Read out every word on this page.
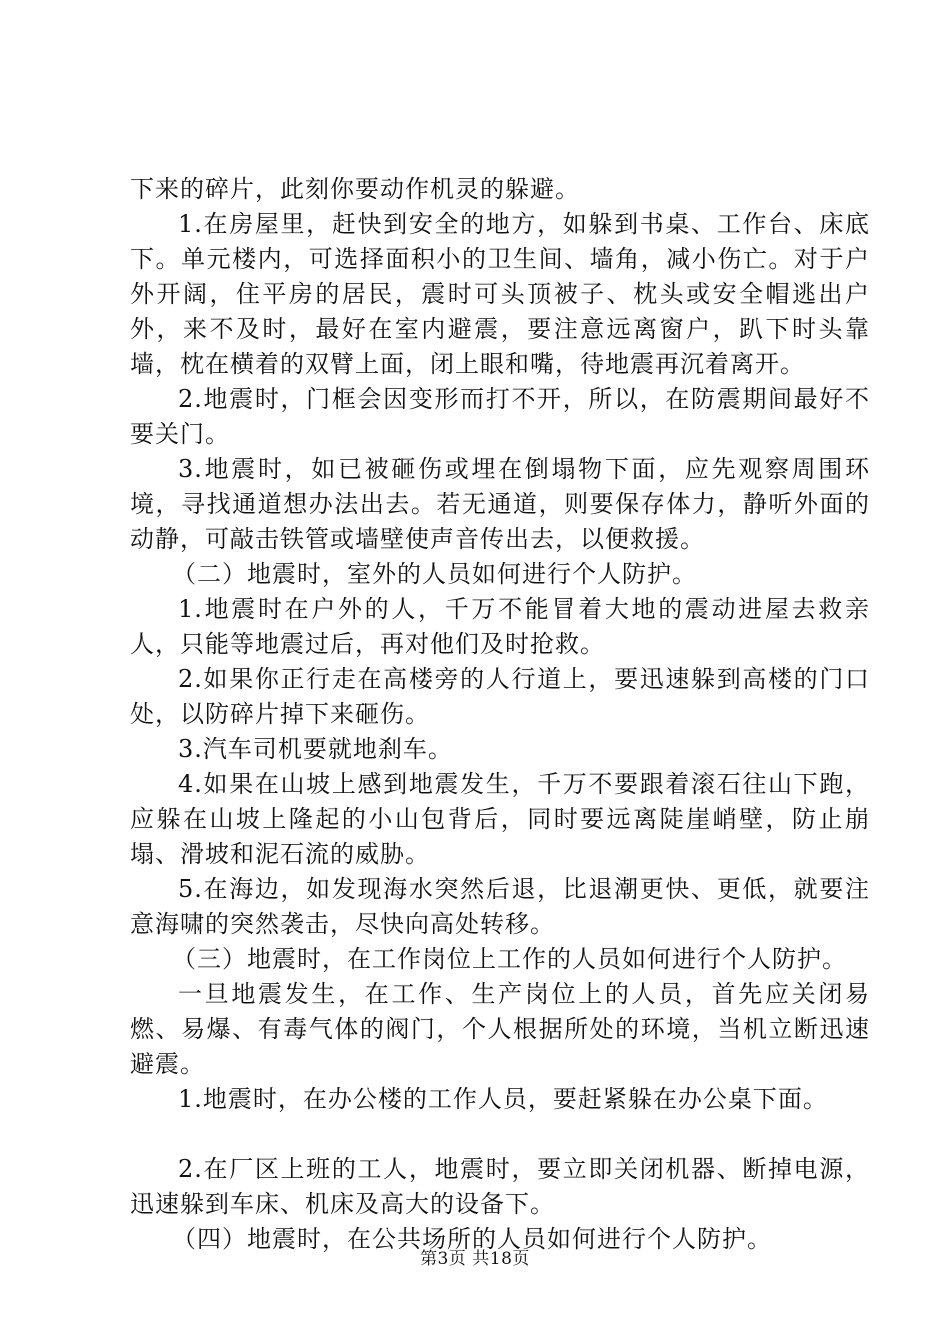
下来的碎片，此刻你要动作机灵的躲避。

1.在房屋里，赶快到安全的地方，如躲到书桌、工作台、床底下。单元楼内，可选择面积小的卫生间、墙角，减小伤亡。对于户外开阔，住平房的居民，震时可头顶被子、枕头或安全帽逃出户外，来不及时，最好在室内避震，要注意远离窗户，趴下时头靠墙，枕在横着的双臂上面，闭上眼和嘴，待地震再沉着离开。

2.地震时，门框会因变形而打不开，所以，在防震期间最好不要关门。

3.地震时，如已被砸伤或埋在倒塌物下面，应先观察周围环境，寻找通道想办法出去。若无通道，则要保存体力，静听外面的动静，可敲击铁管或墙壁使声音传出去，以便救援。

（二）地震时，室外的人员如何进行个人防护。

1.地震时在户外的人，千万不能冒着大地的震动进屋去救亲人，只能等地震过后，再对他们及时抢救。

2.如果你正行走在高楼旁的人行道上，要迅速躲到高楼的门口处，以防碎片掉下来砸伤。

3.汽车司机要就地刹车。

4.如果在山坡上感到地震发生，千万不要跟着滚石往山下跑，应躲在山坡上隆起的小山包背后，同时要远离陡崖峭壁，防止崩塌、滑坡和泥石流的威胁。

5.在海边，如发现海水突然后退，比退潮更快、更低，就要注意海啸的突然袭击，尽快向高处转移。

（三）地震时，在工作岗位上工作的人员如何进行个人防护。

一旦地震发生，在工作、生产岗位上的人员，首先应关闭易燃、易爆、有毒气体的阀门，个人根据所处的环境，当机立断迅速避震。

1.地震时，在办公楼的工作人员，要赶紧躲在办公桌下面。

2.在厂区上班的工人，地震时，要立即关闭机器、断掉电源，迅速躲到车床、机床及高大的设备下。

（四）地震时，在公共场所的人员如何进行个人防护。

第3页 共18页
